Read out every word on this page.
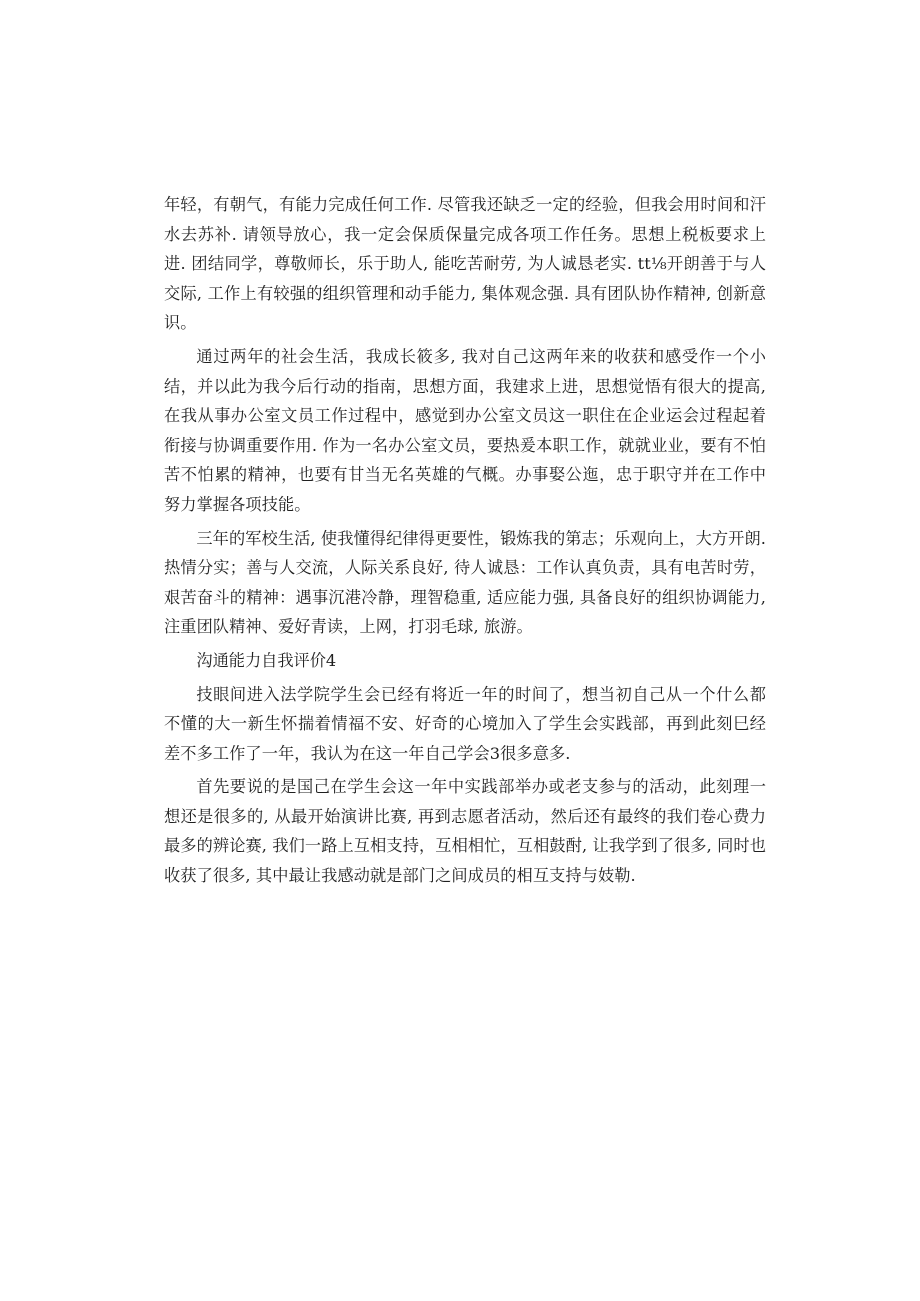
年轻，有朝气，有能力完成任何工作. 尽管我还缺乏一定的经验，但我会用时间和汗水去苏补. 请领导放心，我一定会保质保量完成各项工作任务。思想上税板要求上进. 团结同学，尊敬师长，乐于助人, 能吃苦耐劳, 为人诚恳老实. tt⅛开朗善于与人交际, 工作上有较强的组织管理和动手能力, 集体观念强. 具有团队协作精神, 创新意识。

通过两年的社会生活，我成长筱多, 我对自己这两年来的收获和感受作一个小结，并以此为我今后行动的指南，思想方面，我建求上进，思想觉悟有很大的提高, 在我从事办公室文员工作过程中，感觉到办公室文员这一职住在企业运会过程起着衔接与协调重要作用. 作为一名办公室文员，要热爰本职工作，就就业业，要有不怕苦不怕累的精神，也要有甘当无名英雄的气概。办事娶公迤，忠于职守并在工作中努力掌握各项技能。

三年的军校生活, 使我懂得纪律得更要性，锻炼我的第志；乐观向上，大方开朗. 热情分实；善与人交流，人际关系良好, 待人诚恳：工作认真负责，具有电苦时劳，艰苦奋斗的精神：遇事沉港冷静，理智稳重, 适应能力强, 具备良好的组织协调能力, 注重团队精神、爱好青读，上网，打羽毛球, 旅游。

沟通能力自我评价4

技眼间进入法学院学生会已经有将近一年的时间了，想当初自己从一个什么都不懂的大一新生怀揣着情福不安、好奇的心境加入了学生会实践部，再到此刻巳经差不多工作了一年，我认为在这一年自己学会3很多意多.

首先要说的是国己在学生会这一年中实践部举办或老支参与的活动，此刻理一想还是很多的, 从最开始演讲比赛, 再到志愿者活动，然后还有最终的我们卷心费力最多的辨论赛, 我们一路上互相支持，互相相忙，互相鼓酎, 让我学到了很多, 同时也收获了很多, 其中最让我感动就是部门之间成员的相互支持与妓勒.
